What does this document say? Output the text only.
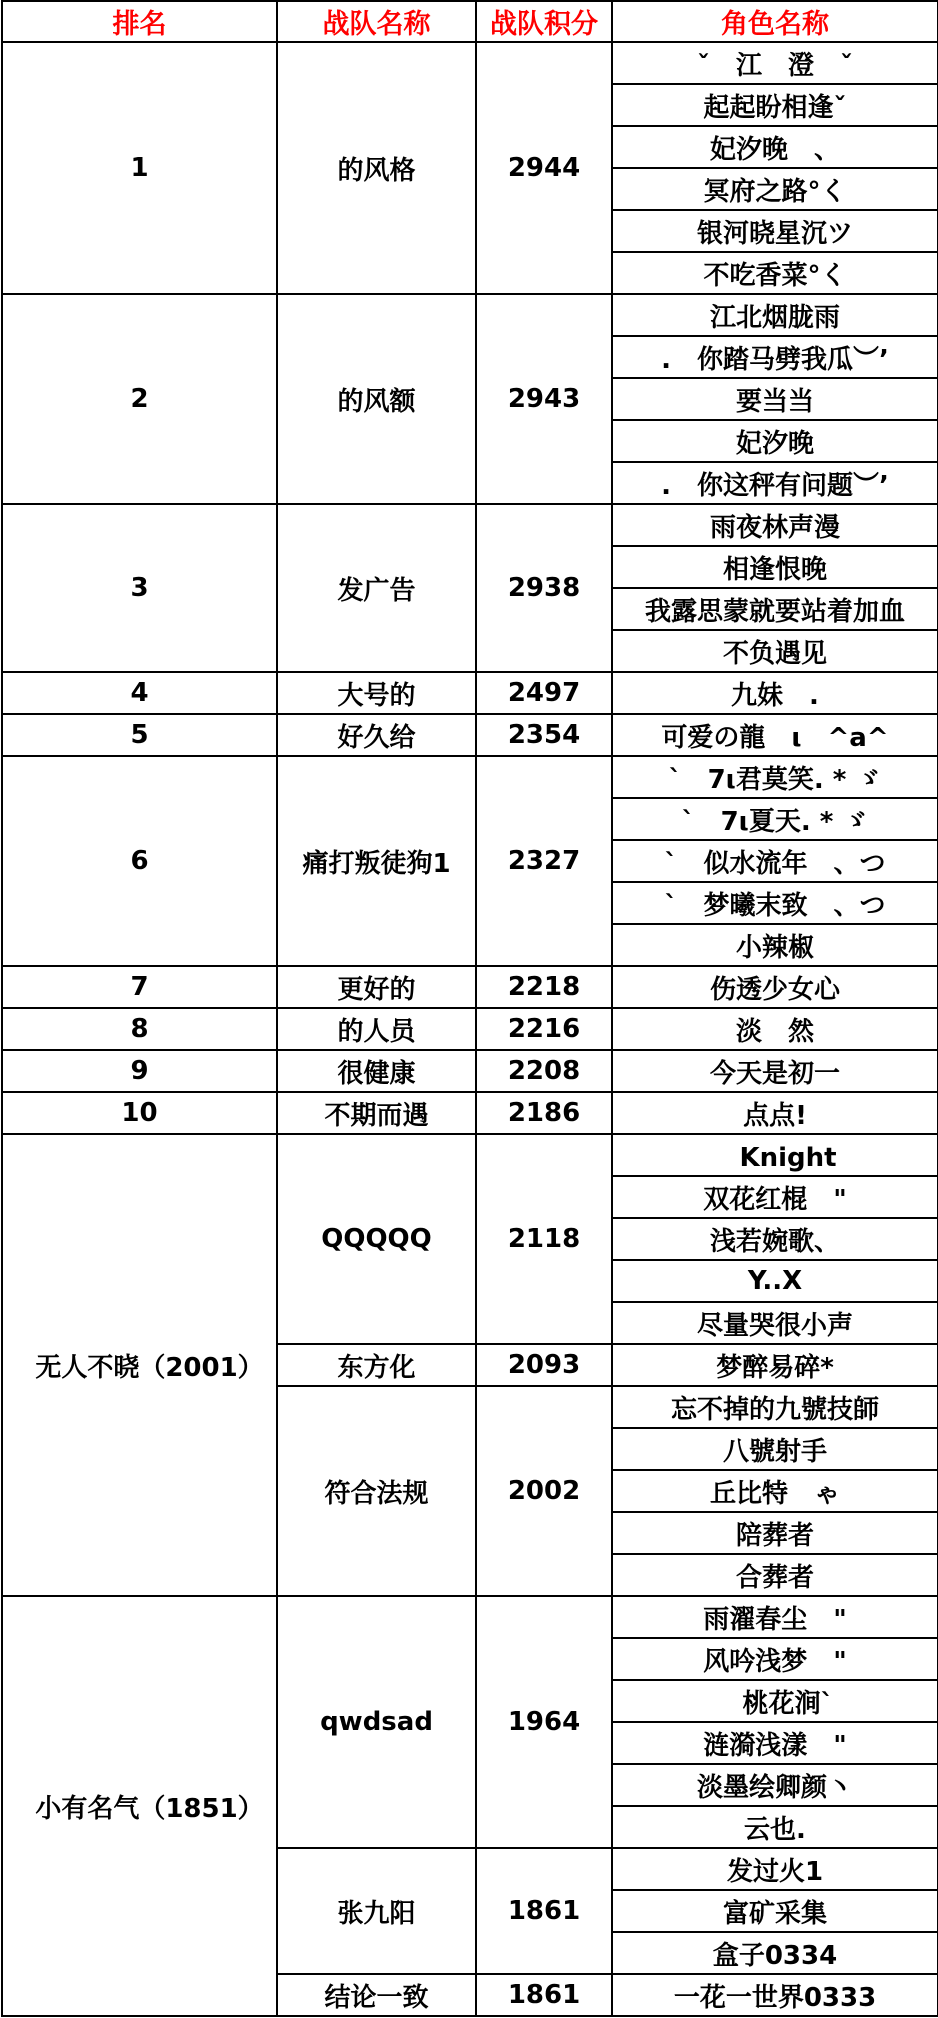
排名	战队名称	战队积分	角色名称
1	的风格	2944	ˇ　江　澄　ˇ
			起起盼相逢ˇ
			妃汐晚　、
			冥府之路°く
			银河晓星沉ツ
			不吃香菜°く
2	的风额	2943	江北烟胧雨
			.　你踏马劈我瓜︶’
			要当当
			妃汐晚
			.　你这秤有问题︶’
3	发广告	2938	雨夜林声漫
			相逢恨晚
			我露思蒙就要站着加血
			不负遇见
4	大号的	2497	九妹　.
5	好久给	2354	可爱の龍　ι　^a^
6	痛打叛徒狗1	2327	ˋ　7ι君莫笑. * ゞ
			ˋ　7ι夏天. * ゞ
			`　似水流年　、つ
			`　梦曦末致　、つ
			小辣椒
7	更好的	2218	伤透少女心
8	的人员	2216	淡　然
9	很健康	2208	今天是初一
10	不期而遇	2186	点点!
无人不晓（2001）	QQQQQ	2118	　Knight
			双花红棍　"
			浅若婉歌、
			Y..X
			尽量哭很小声
	东方化	2093	梦醉易碎*
	符合法规	2002	忘不掉的九號技師
			八號射手
			丘比特　ゃ
			陪葬者
			合葬者
小有名气（1851）	qwdsad	1964	雨濯春尘　"
			风吟浅梦　"
			　桃花涧ˋ
			涟漪浅漾　"
			淡墨绘卿颜丶
			云也.
	张九阳	1861	发过火1
			富矿采集
			盒子0334
	结论一致	1861	一花一世界0333
